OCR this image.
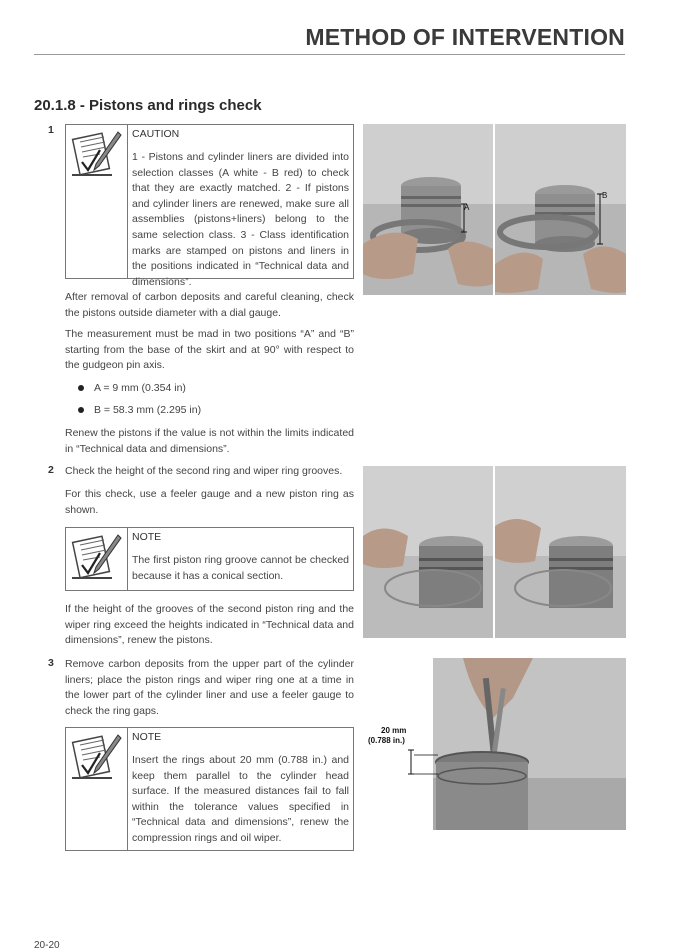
METHOD OF INTERVENTION
20.1.8 - Pistons and rings check
1	CAUTION
1 - Pistons and cylinder liners are divided into selection classes (A white - B red) to check that they are exactly matched. 2 - If pistons and cylinder liners are renewed, make sure all assemblies (pistons+liners) belong to the same selection class. 3 - Class identification marks are stamped on pistons and liners in the positions indicated in “Technical data and dimensions”.
After removal of carbon deposits and careful cleaning, check the pistons outside diameter with a dial gauge.
The measurement must be mad in two positions “A” and “B” starting from the base of the skirt and at 90° with respect to the gudgeon pin axis.
A = 9 mm (0.354 in)
B = 58.3 mm (2.295 in)
Renew the pistons if the value is not within the limits indicated in “Technical data and dimensions”.
A
B
2 Check the height of the second ring and wiper ring grooves.
For this check, use a feeler gauge and a new piston ring as shown.
NOTE
The first piston ring groove cannot be checked because it has a conical section.
If the height of the grooves of the second piston ring and the wiper ring exceed the heights indicated in “Technical data and dimensions”, renew the pistons.
3 Remove carbon deposits from the upper part of the cylinder liners; place the piston rings and wiper ring one at a time in the lower part of the cylinder liner and use a feeler gauge to check the ring gaps.
NOTE
Insert the rings about 20 mm (0.788 in.) and keep them parallel to the cylinder head surface. If the measured distances fail to fall within the tolerance values specified in “Technical data and dimensions”, renew the compression rings and oil wiper.
20 mm
(0.788 in.)
20-20
